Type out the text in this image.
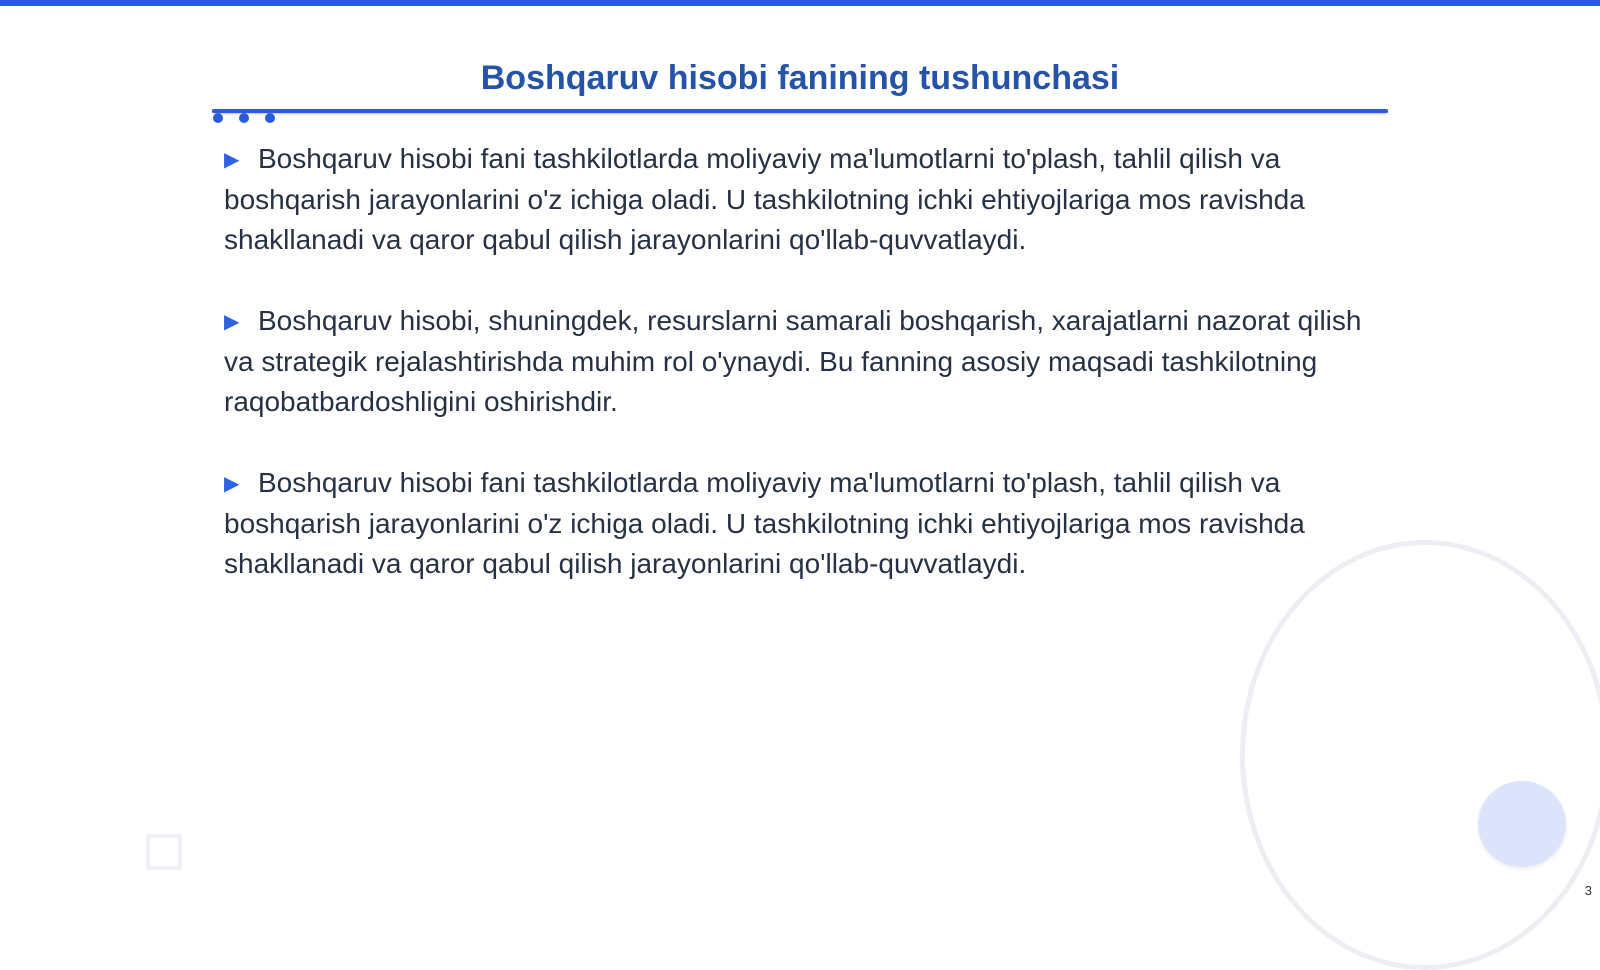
Boshqaruv hisobi fanining tushunchasi

▶ Boshqaruv hisobi fani tashkilotlarda moliyaviy ma'lumotlarni to'plash, tahlil qilish va boshqarish jarayonlarini o'z ichiga oladi. U tashkilotning ichki ehtiyojlariga mos ravishda shakllanadi va qaror qabul qilish jarayonlarini qo'llab-quvvatlaydi.

▶ Boshqaruv hisobi, shuningdek, resurslarni samarali boshqarish, xarajatlarni nazorat qilish va strategik rejalashtirishda muhim rol o'ynaydi. Bu fanning asosiy maqsadi tashkilotning raqobatbardoshligini oshirishdir.

▶ Boshqaruv hisobi fani tashkilotlarda moliyaviy ma'lumotlarni to'plash, tahlil qilish va boshqarish jarayonlarini o'z ichiga oladi. U tashkilotning ichki ehtiyojlariga mos ravishda shakllanadi va qaror qabul qilish jarayonlarini qo'llab-quvvatlaydi.

3
